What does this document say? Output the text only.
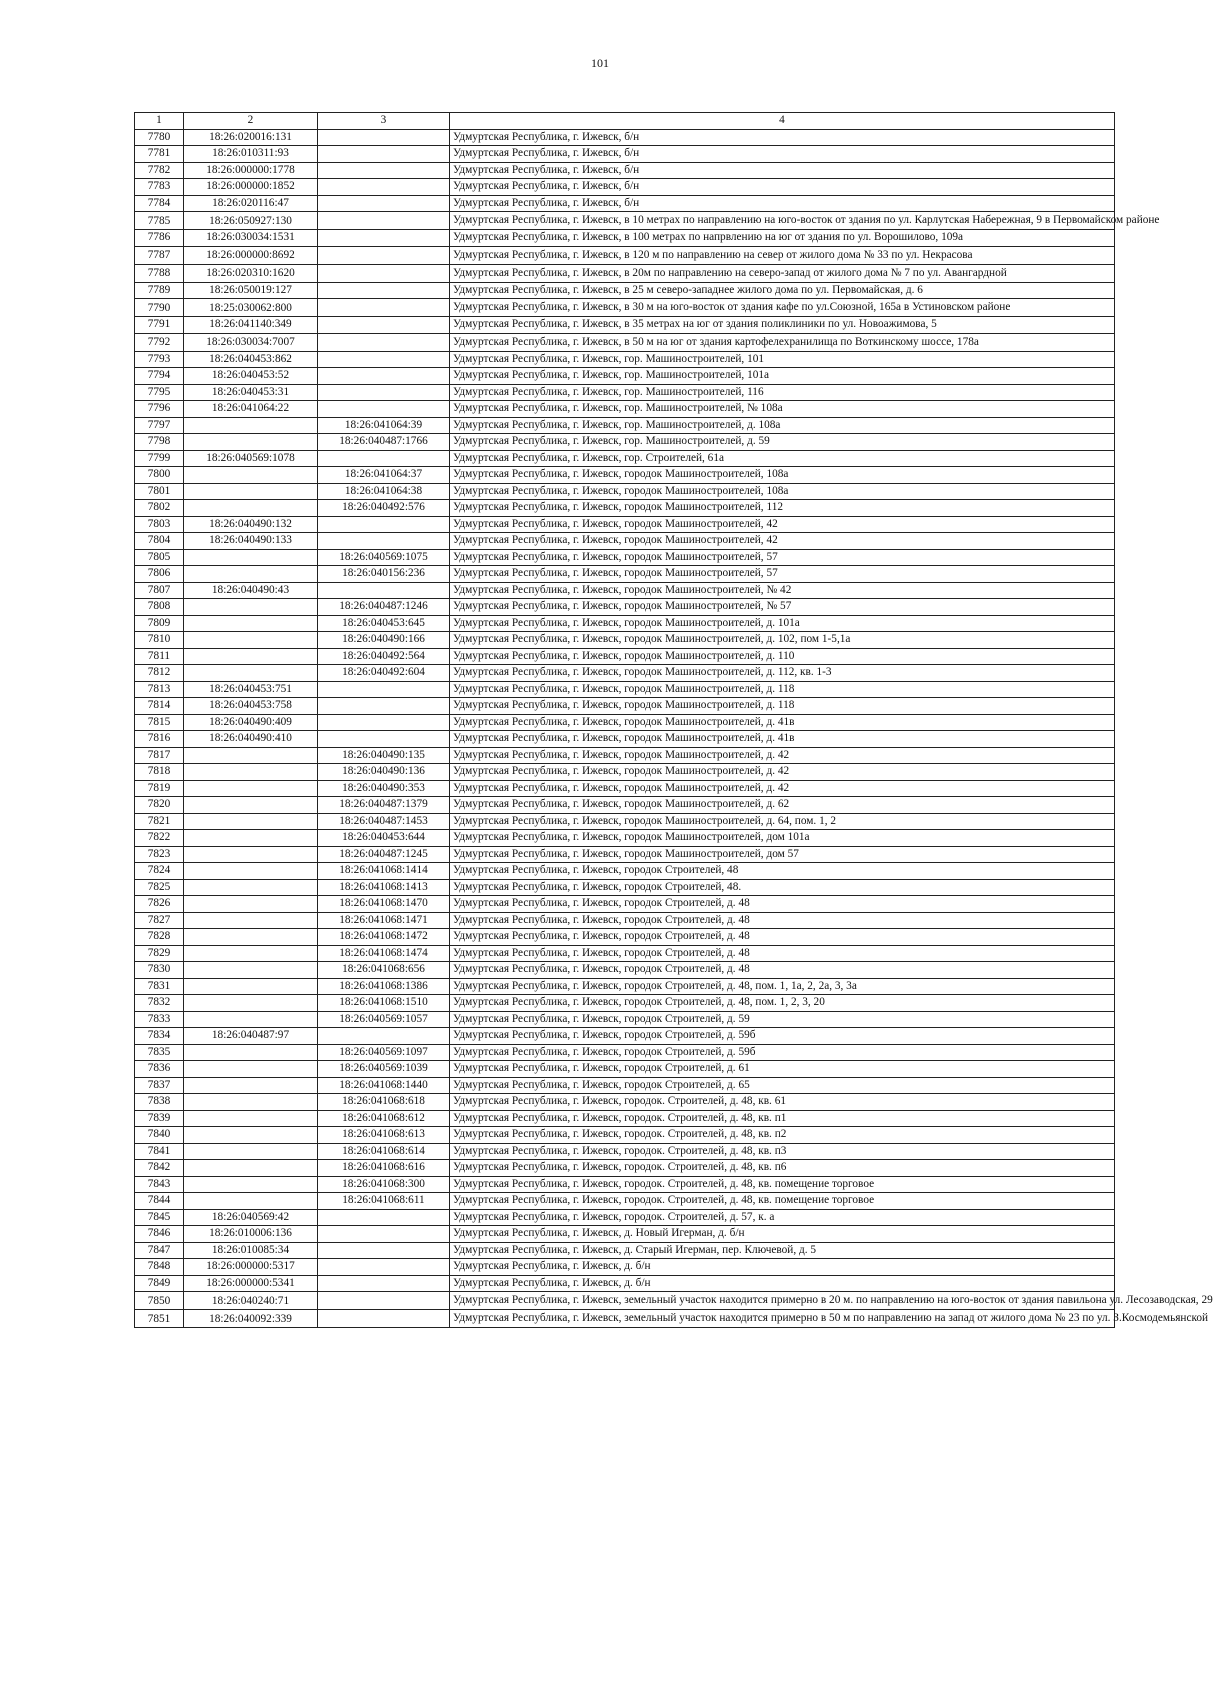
101
1	2	3	4
7780	18:26:020016:131		Удмуртская Республика, г. Ижевск, б/н
7781	18:26:010311:93		Удмуртская Республика, г. Ижевск, б/н
7782	18:26:000000:1778		Удмуртская Республика, г. Ижевск, б/н
7783	18:26:000000:1852		Удмуртская Республика, г. Ижевск, б/н
7784	18:26:020116:47		Удмуртская Республика, г. Ижевск, б/н
7785	18:26:050927:130		Удмуртская Республика, г. Ижевск, в 10 метрах по направлению на юго-восток от здания по ул. Карлутская Набережная, 9 в Первомайском районе
7786	18:26:030034:1531		Удмуртская Республика, г. Ижевск, в 100 метрах по напрвлению на юг от здания по ул. Ворошилово, 109а
7787	18:26:000000:8692		Удмуртская Республика, г. Ижевск, в 120 м по направлению на север от жилого дома № 33 по ул. Некрасова
7788	18:26:020310:1620		Удмуртская Республика, г. Ижевск, в 20м по направлению на северо-запад от жилого дома № 7 по ул. Авангардной
7789	18:26:050019:127		Удмуртская Республика, г. Ижевск, в 25 м северо-западнее жилого дома по ул. Первомайская, д. 6
7790	18:25:030062:800		Удмуртская Республика, г. Ижевск, в 30 м на юго-восток от здания кафе по ул.Союзной, 165а в Устиновском районе
7791	18:26:041140:349		Удмуртская Республика, г. Ижевск, в 35 метрах на юг от здания поликлиники по ул. Новоажимова, 5
7792	18:26:030034:7007		Удмуртская Республика, г. Ижевск, в 50 м на юг от здания картофелехранилища по Воткинскому шоссе, 178а
7793	18:26:040453:862		Удмуртская Республика, г. Ижевск, гор. Машиностроителей, 101
7794	18:26:040453:52		Удмуртская Республика, г. Ижевск, гор. Машиностроителей, 101а
7795	18:26:040453:31		Удмуртская Республика, г. Ижевск, гор. Машиностроителей, 116
7796	18:26:041064:22		Удмуртская Республика, г. Ижевск, гор. Машиностроителей, № 108а
7797		18:26:041064:39	Удмуртская Республика, г. Ижевск, гор. Машиностроителей, д. 108а
7798		18:26:040487:1766	Удмуртская Республика, г. Ижевск, гор. Машиностроителей, д. 59
7799	18:26:040569:1078		Удмуртская Республика, г. Ижевск, гор. Строителей, 61а
7800		18:26:041064:37	Удмуртская Республика, г. Ижевск, городок Машиностроителей, 108а
7801		18:26:041064:38	Удмуртская Республика, г. Ижевск, городок Машиностроителей, 108а
7802		18:26:040492:576	Удмуртская Республика, г. Ижевск, городок Машиностроителей, 112
7803	18:26:040490:132		Удмуртская Республика, г. Ижевск, городок Машиностроителей, 42
7804	18:26:040490:133		Удмуртская Республика, г. Ижевск, городок Машиностроителей, 42
7805		18:26:040569:1075	Удмуртская Республика, г. Ижевск, городок Машиностроителей, 57
7806		18:26:040156:236	Удмуртская Республика, г. Ижевск, городок Машиностроителей, 57
7807	18:26:040490:43		Удмуртская Республика, г. Ижевск, городок Машиностроителей, № 42
7808		18:26:040487:1246	Удмуртская Республика, г. Ижевск, городок Машиностроителей, № 57
7809		18:26:040453:645	Удмуртская Республика, г. Ижевск, городок Машиностроителей, д. 101а
7810		18:26:040490:166	Удмуртская Республика, г. Ижевск, городок Машиностроителей, д. 102, пом 1-5,1а
7811		18:26:040492:564	Удмуртская Республика, г. Ижевск, городок Машиностроителей, д. 110
7812		18:26:040492:604	Удмуртская Республика, г. Ижевск, городок Машиностроителей, д. 112, кв. 1-3
7813	18:26:040453:751		Удмуртская Республика, г. Ижевск, городок Машиностроителей, д. 118
7814	18:26:040453:758		Удмуртская Республика, г. Ижевск, городок Машиностроителей, д. 118
7815	18:26:040490:409		Удмуртская Республика, г. Ижевск, городок Машиностроителей, д. 41в
7816	18:26:040490:410		Удмуртская Республика, г. Ижевск, городок Машиностроителей, д. 41в
7817		18:26:040490:135	Удмуртская Республика, г. Ижевск, городок Машиностроителей, д. 42
7818		18:26:040490:136	Удмуртская Республика, г. Ижевск, городок Машиностроителей, д. 42
7819		18:26:040490:353	Удмуртская Республика, г. Ижевск, городок Машиностроителей, д. 42
7820		18:26:040487:1379	Удмуртская Республика, г. Ижевск, городок Машиностроителей, д. 62
7821		18:26:040487:1453	Удмуртская Республика, г. Ижевск, городок Машиностроителей, д. 64, пом. 1, 2
7822		18:26:040453:644	Удмуртская Республика, г. Ижевск, городок Машиностроителей, дом 101а
7823		18:26:040487:1245	Удмуртская Республика, г. Ижевск, городок Машиностроителей, дом 57
7824		18:26:041068:1414	Удмуртская Республика, г. Ижевск, городок Строителей, 48
7825		18:26:041068:1413	Удмуртская Республика, г. Ижевск, городок Строителей, 48.
7826		18:26:041068:1470	Удмуртская Республика, г. Ижевск, городок Строителей, д. 48
7827		18:26:041068:1471	Удмуртская Республика, г. Ижевск, городок Строителей, д. 48
7828		18:26:041068:1472	Удмуртская Республика, г. Ижевск, городок Строителей, д. 48
7829		18:26:041068:1474	Удмуртская Республика, г. Ижевск, городок Строителей, д. 48
7830		18:26:041068:656	Удмуртская Республика, г. Ижевск, городок Строителей, д. 48
7831		18:26:041068:1386	Удмуртская Республика, г. Ижевск, городок Строителей, д. 48, пом. 1, 1а, 2, 2а, 3, 3а
7832		18:26:041068:1510	Удмуртская Республика, г. Ижевск, городок Строителей, д. 48, пом. 1, 2, 3, 20
7833		18:26:040569:1057	Удмуртская Республика, г. Ижевск, городок Строителей, д. 59
7834	18:26:040487:97		Удмуртская Республика, г. Ижевск, городок Строителей, д. 59б
7835		18:26:040569:1097	Удмуртская Республика, г. Ижевск, городок Строителей, д. 59б
7836		18:26:040569:1039	Удмуртская Республика, г. Ижевск, городок Строителей, д. 61
7837		18:26:041068:1440	Удмуртская Республика, г. Ижевск, городок Строителей, д. 65
7838		18:26:041068:618	Удмуртская Республика, г. Ижевск, городок. Строителей, д. 48, кв. 61
7839		18:26:041068:612	Удмуртская Республика, г. Ижевск, городок. Строителей, д. 48, кв. п1
7840		18:26:041068:613	Удмуртская Республика, г. Ижевск, городок. Строителей, д. 48, кв. п2
7841		18:26:041068:614	Удмуртская Республика, г. Ижевск, городок. Строителей, д. 48, кв. п3
7842		18:26:041068:616	Удмуртская Республика, г. Ижевск, городок. Строителей, д. 48, кв. п6
7843		18:26:041068:300	Удмуртская Республика, г. Ижевск, городок. Строителей, д. 48, кв. помещение торговое
7844		18:26:041068:611	Удмуртская Республика, г. Ижевск, городок. Строителей, д. 48, кв. помещение торговое
7845	18:26:040569:42		Удмуртская Республика, г. Ижевск, городок. Строителей, д. 57, к. а
7846	18:26:010006:136		Удмуртская Республика, г. Ижевск, д. Новый Игерман, д. б/н
7847	18:26:010085:34		Удмуртская Республика, г. Ижевск, д. Старый Игерман, пер. Ключевой, д. 5
7848	18:26:000000:5317		Удмуртская Республика, г. Ижевск, д. б/н
7849	18:26:000000:5341		Удмуртская Республика, г. Ижевск, д. б/н
7850	18:26:040240:71		Удмуртская Республика, г. Ижевск, земельный участок находится примерно в 20 м. по направлению на юго-восток от здания павильона ул. Лесозаводская, 29
7851	18:26:040092:339		Удмуртская Республика, г. Ижевск, земельный участок находится примерно в 50 м по направлению на запад от жилого дома № 23 по ул. З.Космодемьянской
